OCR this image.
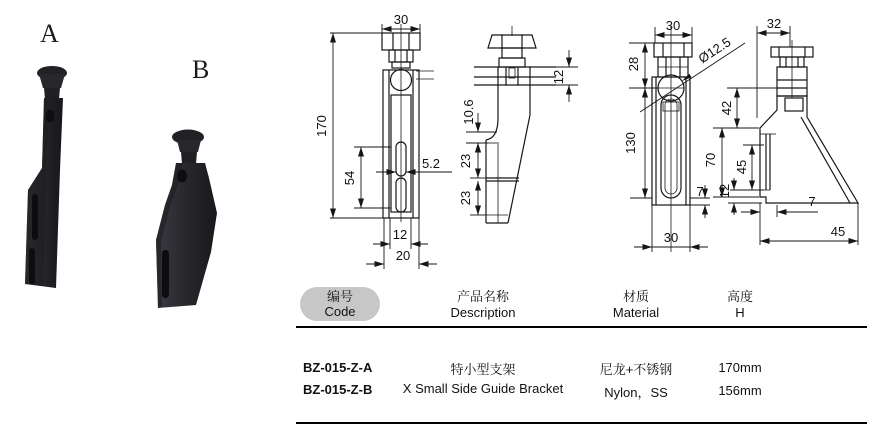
A
B
30
170
54
5.2
12
20
12
10.6
23
23
Ø12.5
30
28
130
7
30
32
42
70 45
12
7
45
编号
Code
产品名称
Description
材质
Material
高度
H
BZ-015-Z-A
BZ-015-Z-B
特小型支架
X Small Side Guide Bracket
尼龙+不锈钢
Nylon，SS
170mm
156mm
